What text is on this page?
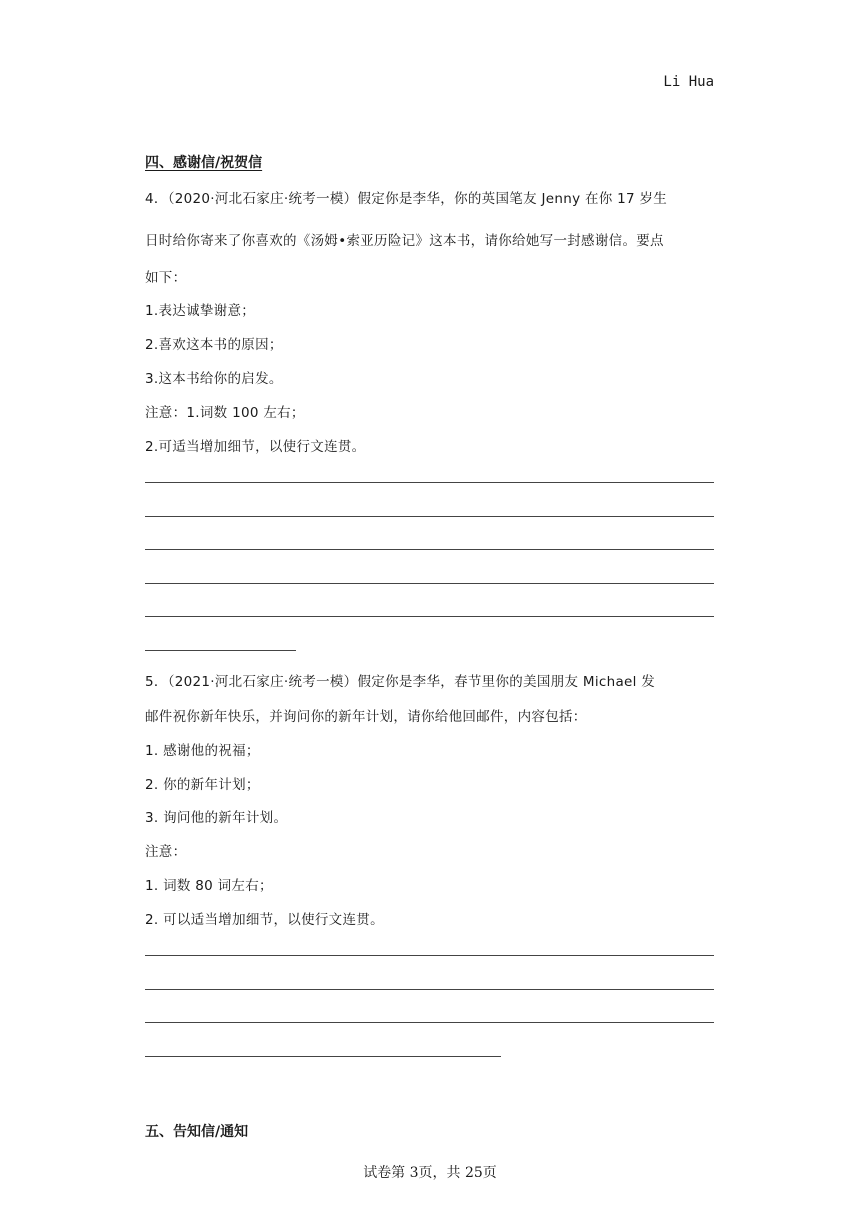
Li Hua
四、感谢信/祝贺信
4．（2020·河北石家庄·统考一模）假定你是李华，你的英国笔友 Jenny 在你 17 岁生
日时给你寄来了你喜欢的《汤姆•索亚历险记》这本书，请你给她写一封感谢信。要点
如下：
1.表达诚挚谢意；
2.喜欢这本书的原因；
3.这本书给你的启发。
注意：1.词数 100 左右；
2.可适当增加细节，以使行文连贯。
5．（2021·河北石家庄·统考一模）假定你是李华，春节里你的美国朋友 Michael 发
邮件祝你新年快乐，并询问你的新年计划，请你给他回邮件，内容包括：
1. 感谢他的祝福；
2. 你的新年计划；
3. 询问他的新年计划。
注意：
1. 词数 80 词左右；
2. 可以适当增加细节，以使行文连贯。
五、告知信/通知
试卷第 3页，共 25页
